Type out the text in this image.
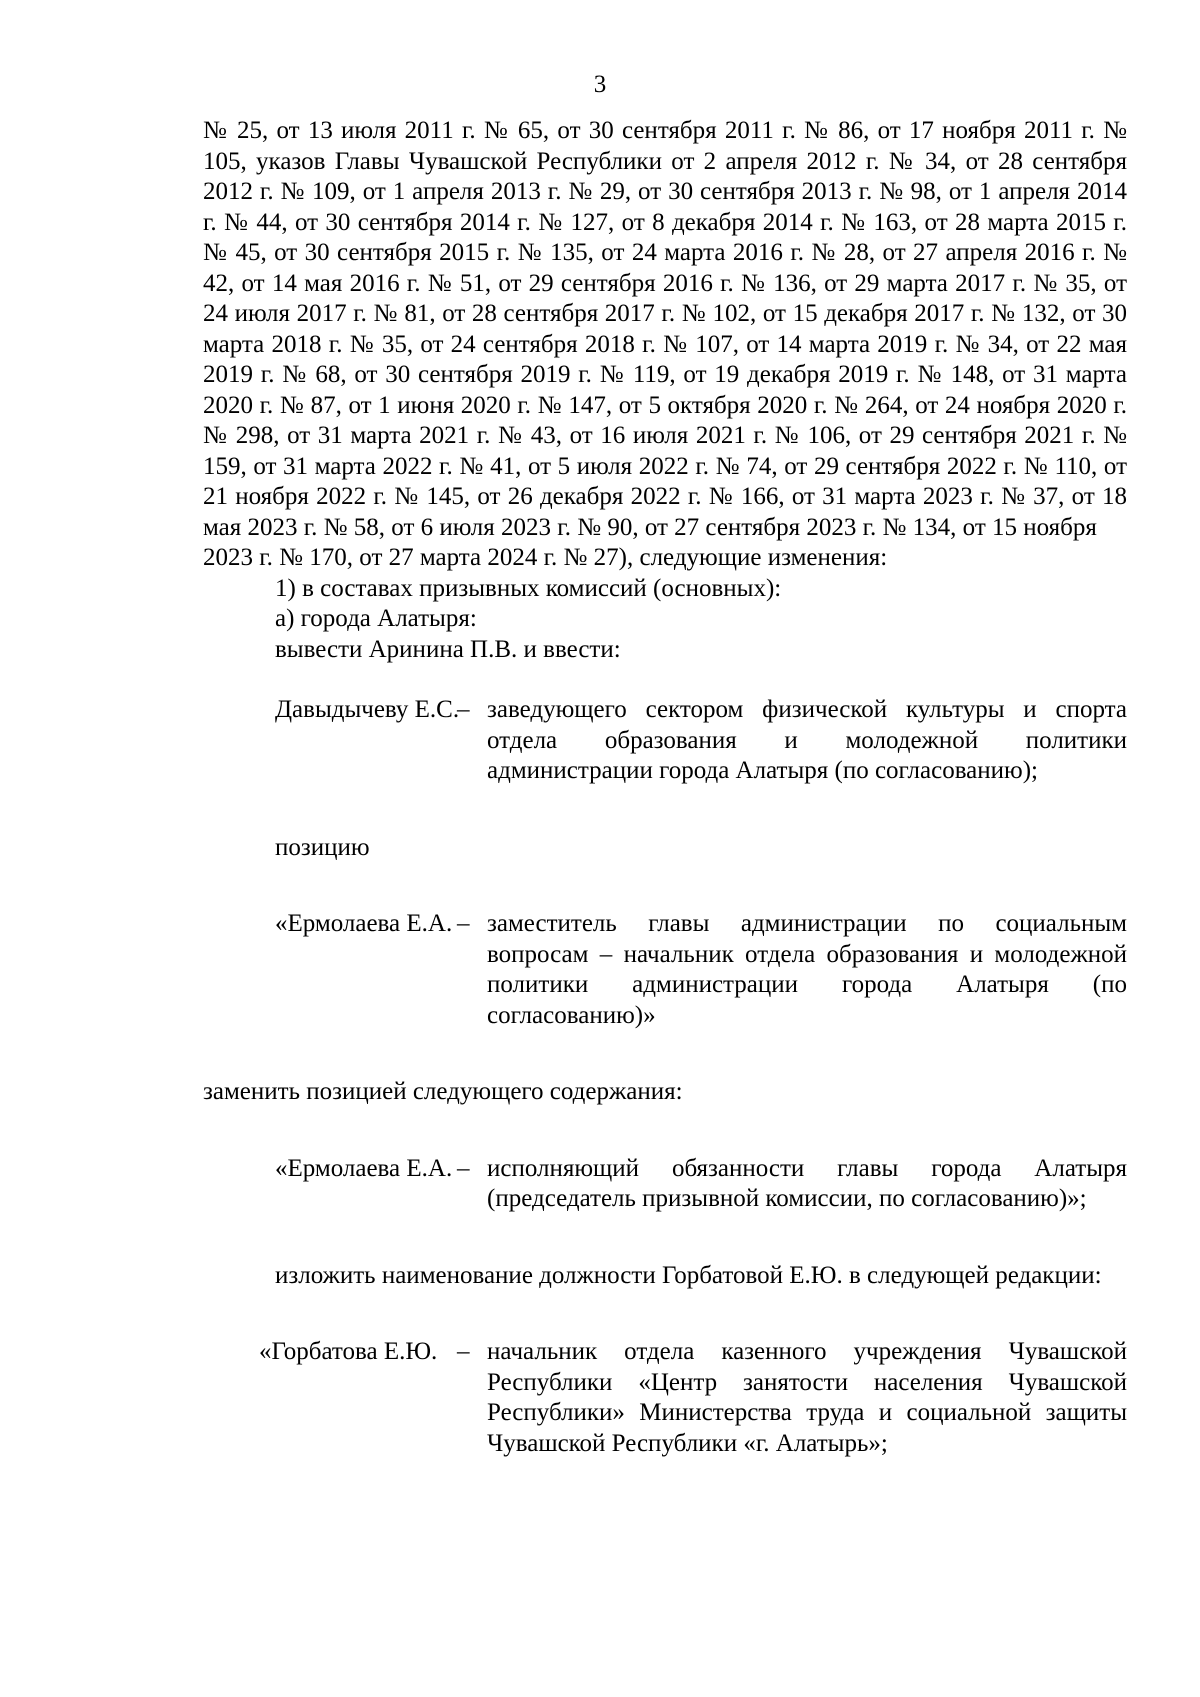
3

№ 25, от 13 июля 2011 г. № 65, от 30 сентября 2011 г. № 86, от 17 ноября 2011 г. № 105, указов Главы Чувашской Республики от 2 апреля 2012 г. № 34, от 28 сентября 2012 г. № 109, от 1 апреля 2013 г. № 29, от 30 сентября 2013 г. № 98, от 1 апреля 2014 г. № 44, от 30 сентября 2014 г. № 127, от 8 декабря 2014 г. № 163, от 28 марта 2015 г. № 45, от 30 сентября 2015 г. № 135, от 24 марта 2016 г. № 28, от 27 апреля 2016 г. № 42, от 14 мая 2016 г. № 51, от 29 сентября 2016 г. № 136, от 29 марта 2017 г. № 35, от 24 июля 2017 г. № 81, от 28 сентября 2017 г. № 102, от 15 декабря 2017 г. № 132, от 30 марта 2018 г. № 35, от 24 сентября 2018 г. № 107, от 14 марта 2019 г. № 34, от 22 мая 2019 г. № 68, от 30 сентября 2019 г. № 119, от 19 декабря 2019 г. № 148, от 31 марта 2020 г. № 87, от 1 июня 2020 г. № 147, от 5 октября 2020 г. № 264, от 24 ноября 2020 г. № 298, от 31 марта 2021 г. № 43, от 16 июля 2021 г. № 106, от 29 сентября 2021 г. № 159, от 31 марта 2022 г. № 41, от 5 июля 2022 г. № 74, от 29 сентября 2022 г. № 110, от 21 ноября 2022 г. № 145, от 26 декабря 2022 г. № 166, от 31 марта 2023 г. № 37, от 18 мая 2023 г. № 58, от 6 июля 2023 г. № 90, от 27 сентября 2023 г. № 134, от 15 ноября
2023 г. № 170, от 27 марта 2024 г. № 27), следующие изменения:

1) в составах призывных комиссий (основных):

а) города Алатыря:

вывести Аринина П.В. и ввести:

Давыдычеву Е.С.
– заведующего сектором физической культуры и спорта отдела образования и молодежной политики администрации города Алатыря (по согласованию);

позицию

«Ермолаева Е.А. – заместитель главы администрации по социальным вопросам – начальник отдела образования и молодежной политики администрации города Алатыря (по согласованию)»

заменить позицией следующего содержания:

«Ермолаева Е.А. – исполняющий обязанности главы города Алатыря (председатель призывной комиссии, по согласованию)»;

изложить наименование должности Горбатовой Е.Ю. в следующей редакции:

«Горбатова Е.Ю. – начальник отдела казенного учреждения Чувашской Республики «Центр занятости населения Чувашской Республики» Министерства труда и социальной защиты Чувашской Республики «г. Алатырь»;
